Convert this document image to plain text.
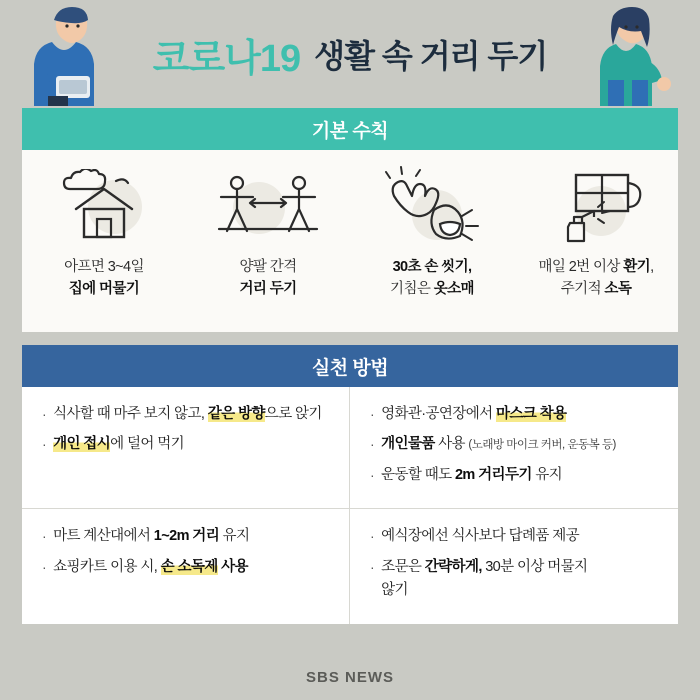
코로나19 생활 속 거리 두기
기본 수칙
아프면 3~4일
집에 머물기
양팔 간격
거리 두기
30초 손 씻기,
기침은 옷소매
매일 2번 이상 환기,
주기적 소독
실천 방법
· 식사할 때 마주 보지 않고, 같은 방향으로 앉기
· 개인 접시에 덜어 먹기
· 영화관·공연장에서 마스크 착용
· 개인물품 사용 (노래방 마이크 커버, 운동복 등)
· 운동할 때도 2m 거리두기 유지
· 마트 계산대에서 1~2m 거리 유지
· 쇼핑카트 이용 시, 손 소독제 사용
· 예식장에선 식사보다 답례품 제공
· 조문은 간략하게, 30분 이상 머물지
않기
SBS NEWS
